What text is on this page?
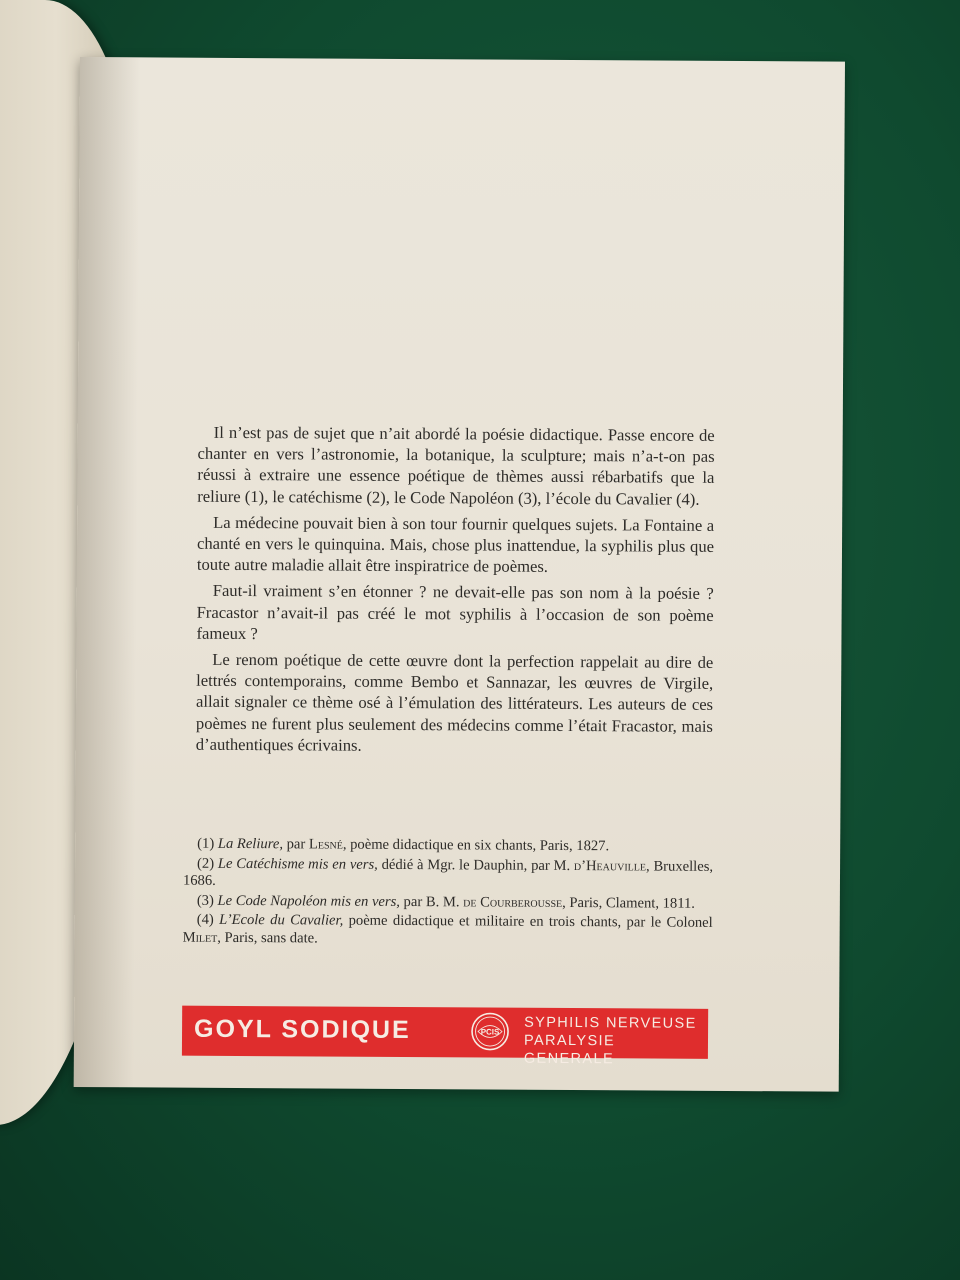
Il n’est pas de sujet que n’ait abordé la poésie didactique. Passe encore de chanter en vers l’astronomie, la botanique, la sculpture; mais n’a-t-on pas réussi à extraire une essence poétique de thèmes aussi rébarbatifs que la reliure (1), le catéchisme (2), le Code Napoléon (3), l’école du Cavalier (4).

La médecine pouvait bien à son tour fournir quelques sujets. La Fontaine a chanté en vers le quinquina. Mais, chose plus inattendue, la syphilis plus que toute autre maladie allait être inspiratrice de poèmes.

Faut-il vraiment s’en étonner ? ne devait-elle pas son nom à la poésie ? Fracastor n’avait-il pas créé le mot syphilis à l’occasion de son poème fameux ?

Le renom poétique de cette œuvre dont la perfection rappelait au dire de lettrés contemporains, comme Bembo et Sannazar, les œuvres de Virgile, allait signaler ce thème osé à l’émulation des littérateurs. Les auteurs de ces poèmes ne furent plus seulement des médecins comme l’était Fracastor, mais d’authentiques écrivains.

(1) La Reliure, par Lesné, poème didactique en six chants, Paris, 1827.

(2) Le Catéchisme mis en vers, dédié à Mgr. le Dauphin, par M. d’Heauville, Bruxelles, 1686.

(3) Le Code Napoléon mis en vers, par B. M. de Courberousse, Paris, Clament, 1811.

(4) L’Ecole du Cavalier, poème didactique et militaire en trois chants, par le Colonel Milet, Paris, sans date.

GOYL SODIQUE	PCIS
SYPHILIS NERVEUSE
PARALYSIE GENERALE
